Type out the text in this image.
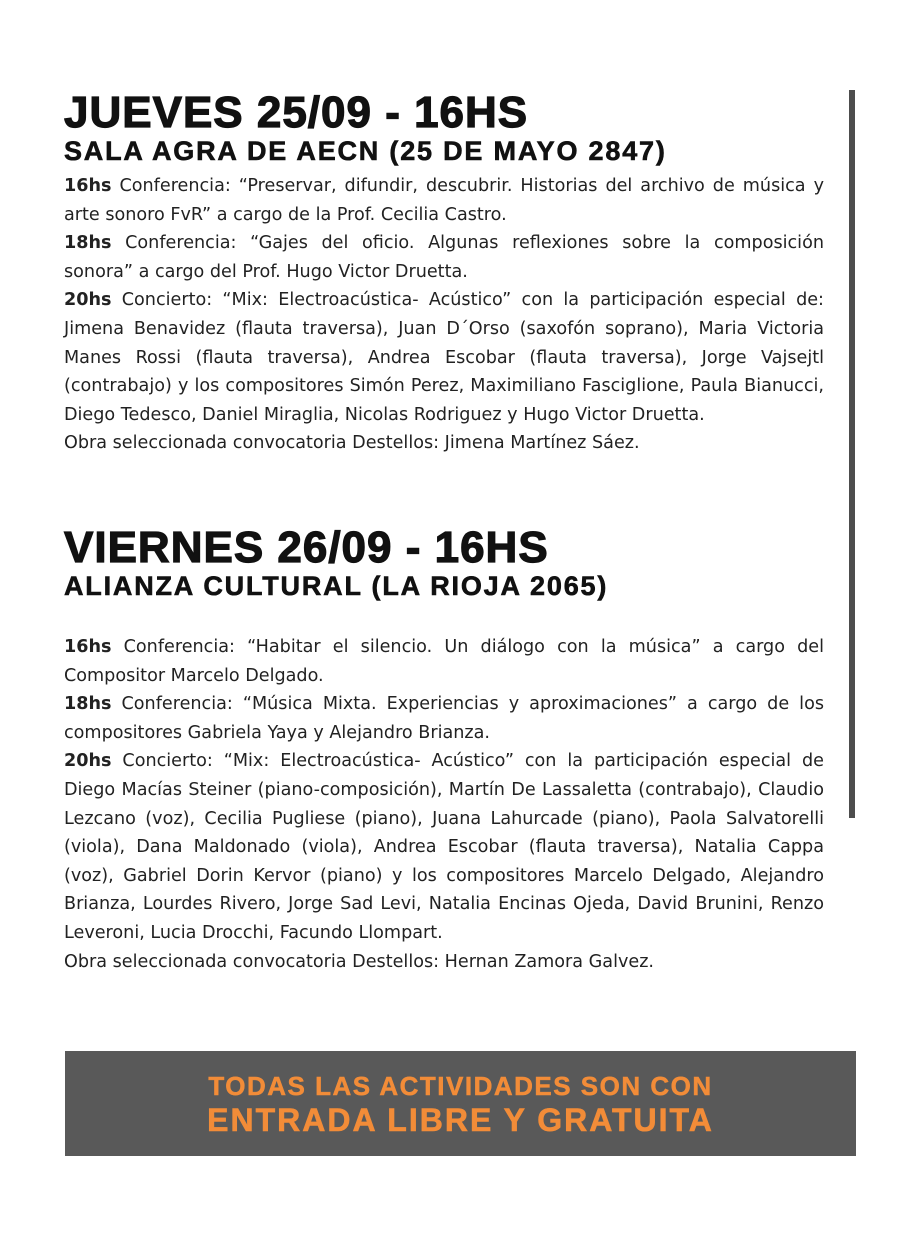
JUEVES 25/09 - 16HS
SALA AGRA DE AECN (25 DE MAYO 2847)
16hs Conferencia: “Preservar, difundir, descubrir. Historias del archivo de música y arte sonoro FvR” a cargo de la Prof. Cecilia Castro.
18hs Conferencia: “Gajes del oficio. Algunas reflexiones sobre la composición sonora” a cargo del Prof. Hugo Victor Druetta.
20hs Concierto: “Mix: Electroacústica- Acústico” con la participación especial de: Jimena Benavidez (flauta traversa), Juan D´Orso (saxofón soprano), Maria Victoria Manes Rossi (flauta traversa), Andrea Escobar (flauta traversa), Jorge Vajsejtl (contrabajo) y los compositores Simón Perez, Maximiliano Fasciglione, Paula Bianucci, Diego Tedesco, Daniel Miraglia, Nicolas Rodriguez y Hugo Victor Druetta.
Obra seleccionada convocatoria Destellos: Jimena Martínez Sáez.
VIERNES 26/09 - 16HS
ALIANZA CULTURAL (LA RIOJA 2065)
16hs Conferencia: “Habitar el silencio. Un diálogo con la música” a cargo del Compositor Marcelo Delgado.
18hs Conferencia: “Música Mixta. Experiencias y aproximaciones” a cargo de los compositores Gabriela Yaya y Alejandro Brianza.
20hs Concierto: “Mix: Electroacústica- Acústico” con la participación especial de Diego Macías Steiner (piano-composición), Martín De Lassaletta (contrabajo), Claudio Lezcano (voz), Cecilia Pugliese (piano), Juana Lahurcade (piano), Paola Salvatorelli (viola), Dana Maldonado (viola), Andrea Escobar (flauta traversa), Natalia Cappa (voz), Gabriel Dorin Kervor (piano) y los compositores Marcelo Delgado, Alejandro Brianza, Lourdes Rivero, Jorge Sad Levi, Natalia Encinas Ojeda, David Brunini, Renzo Leveroni, Lucia Drocchi, Facundo Llompart.
Obra seleccionada convocatoria Destellos: Hernan Zamora Galvez.
TODAS LAS ACTIVIDADES SON CON
ENTRADA LIBRE Y GRATUITA
